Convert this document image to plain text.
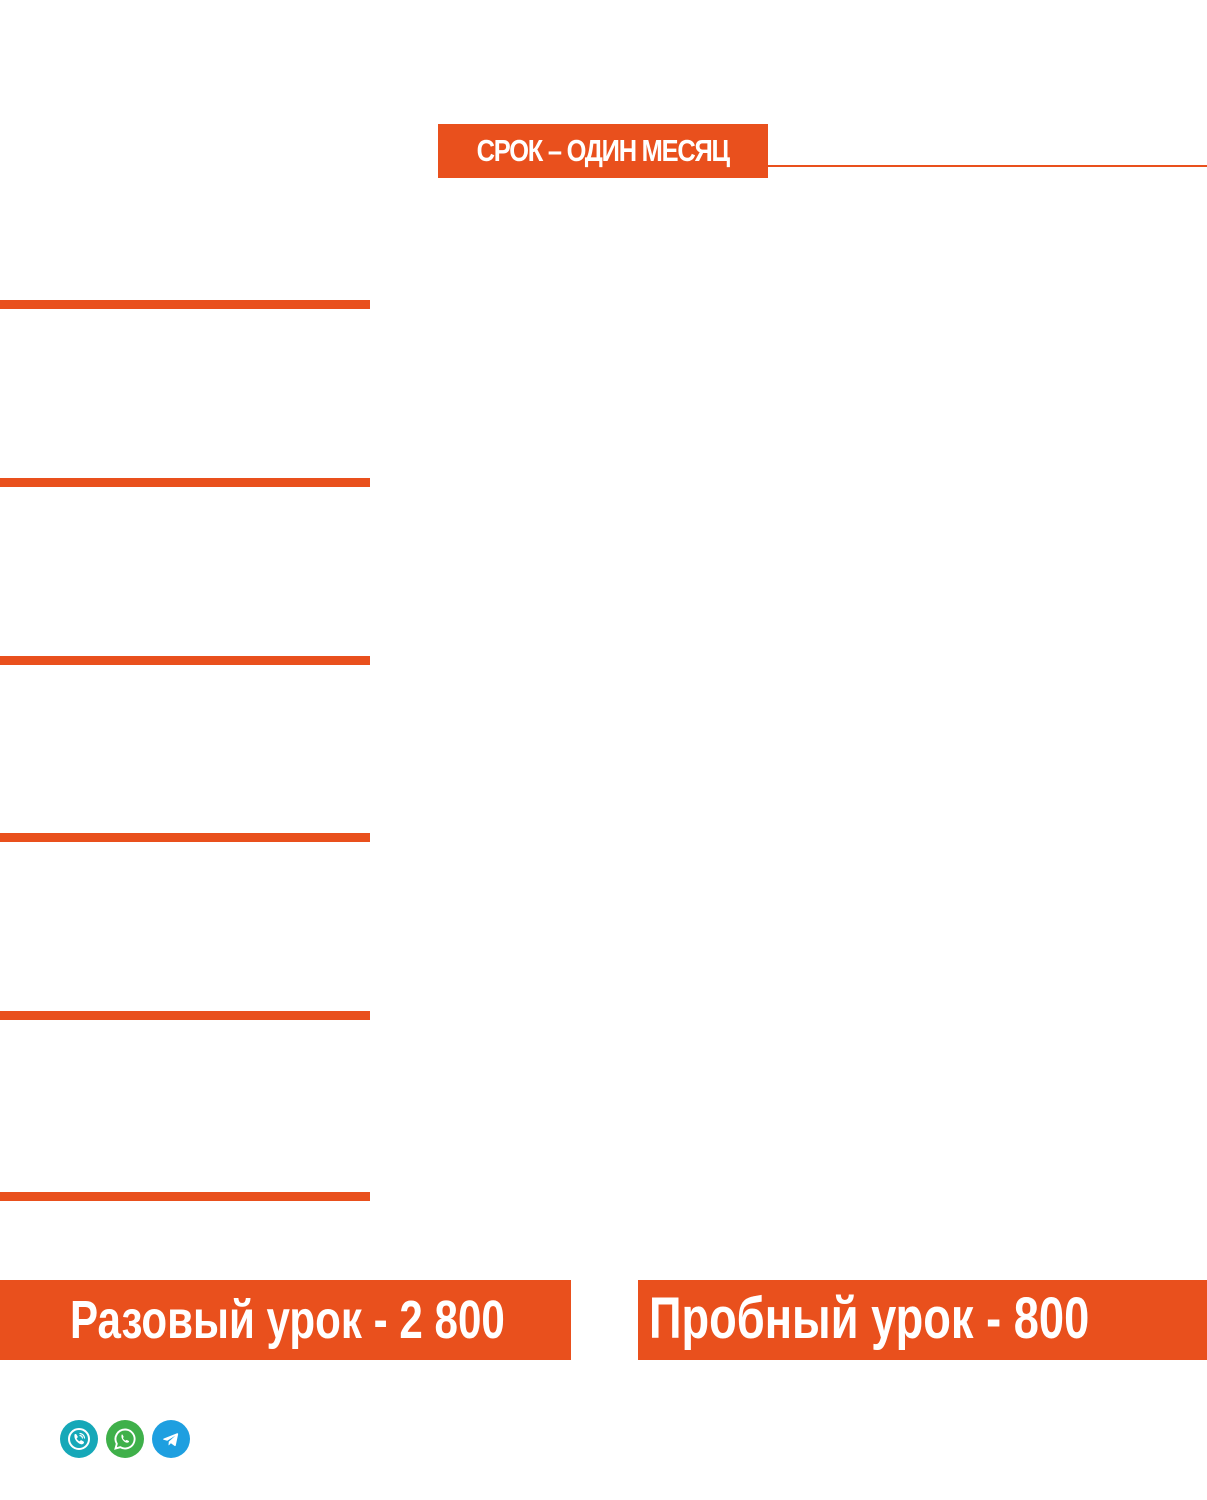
СРОК – ОДИН МЕСЯЦ
Разовый урок - 2 800	Пробный урок - 800
